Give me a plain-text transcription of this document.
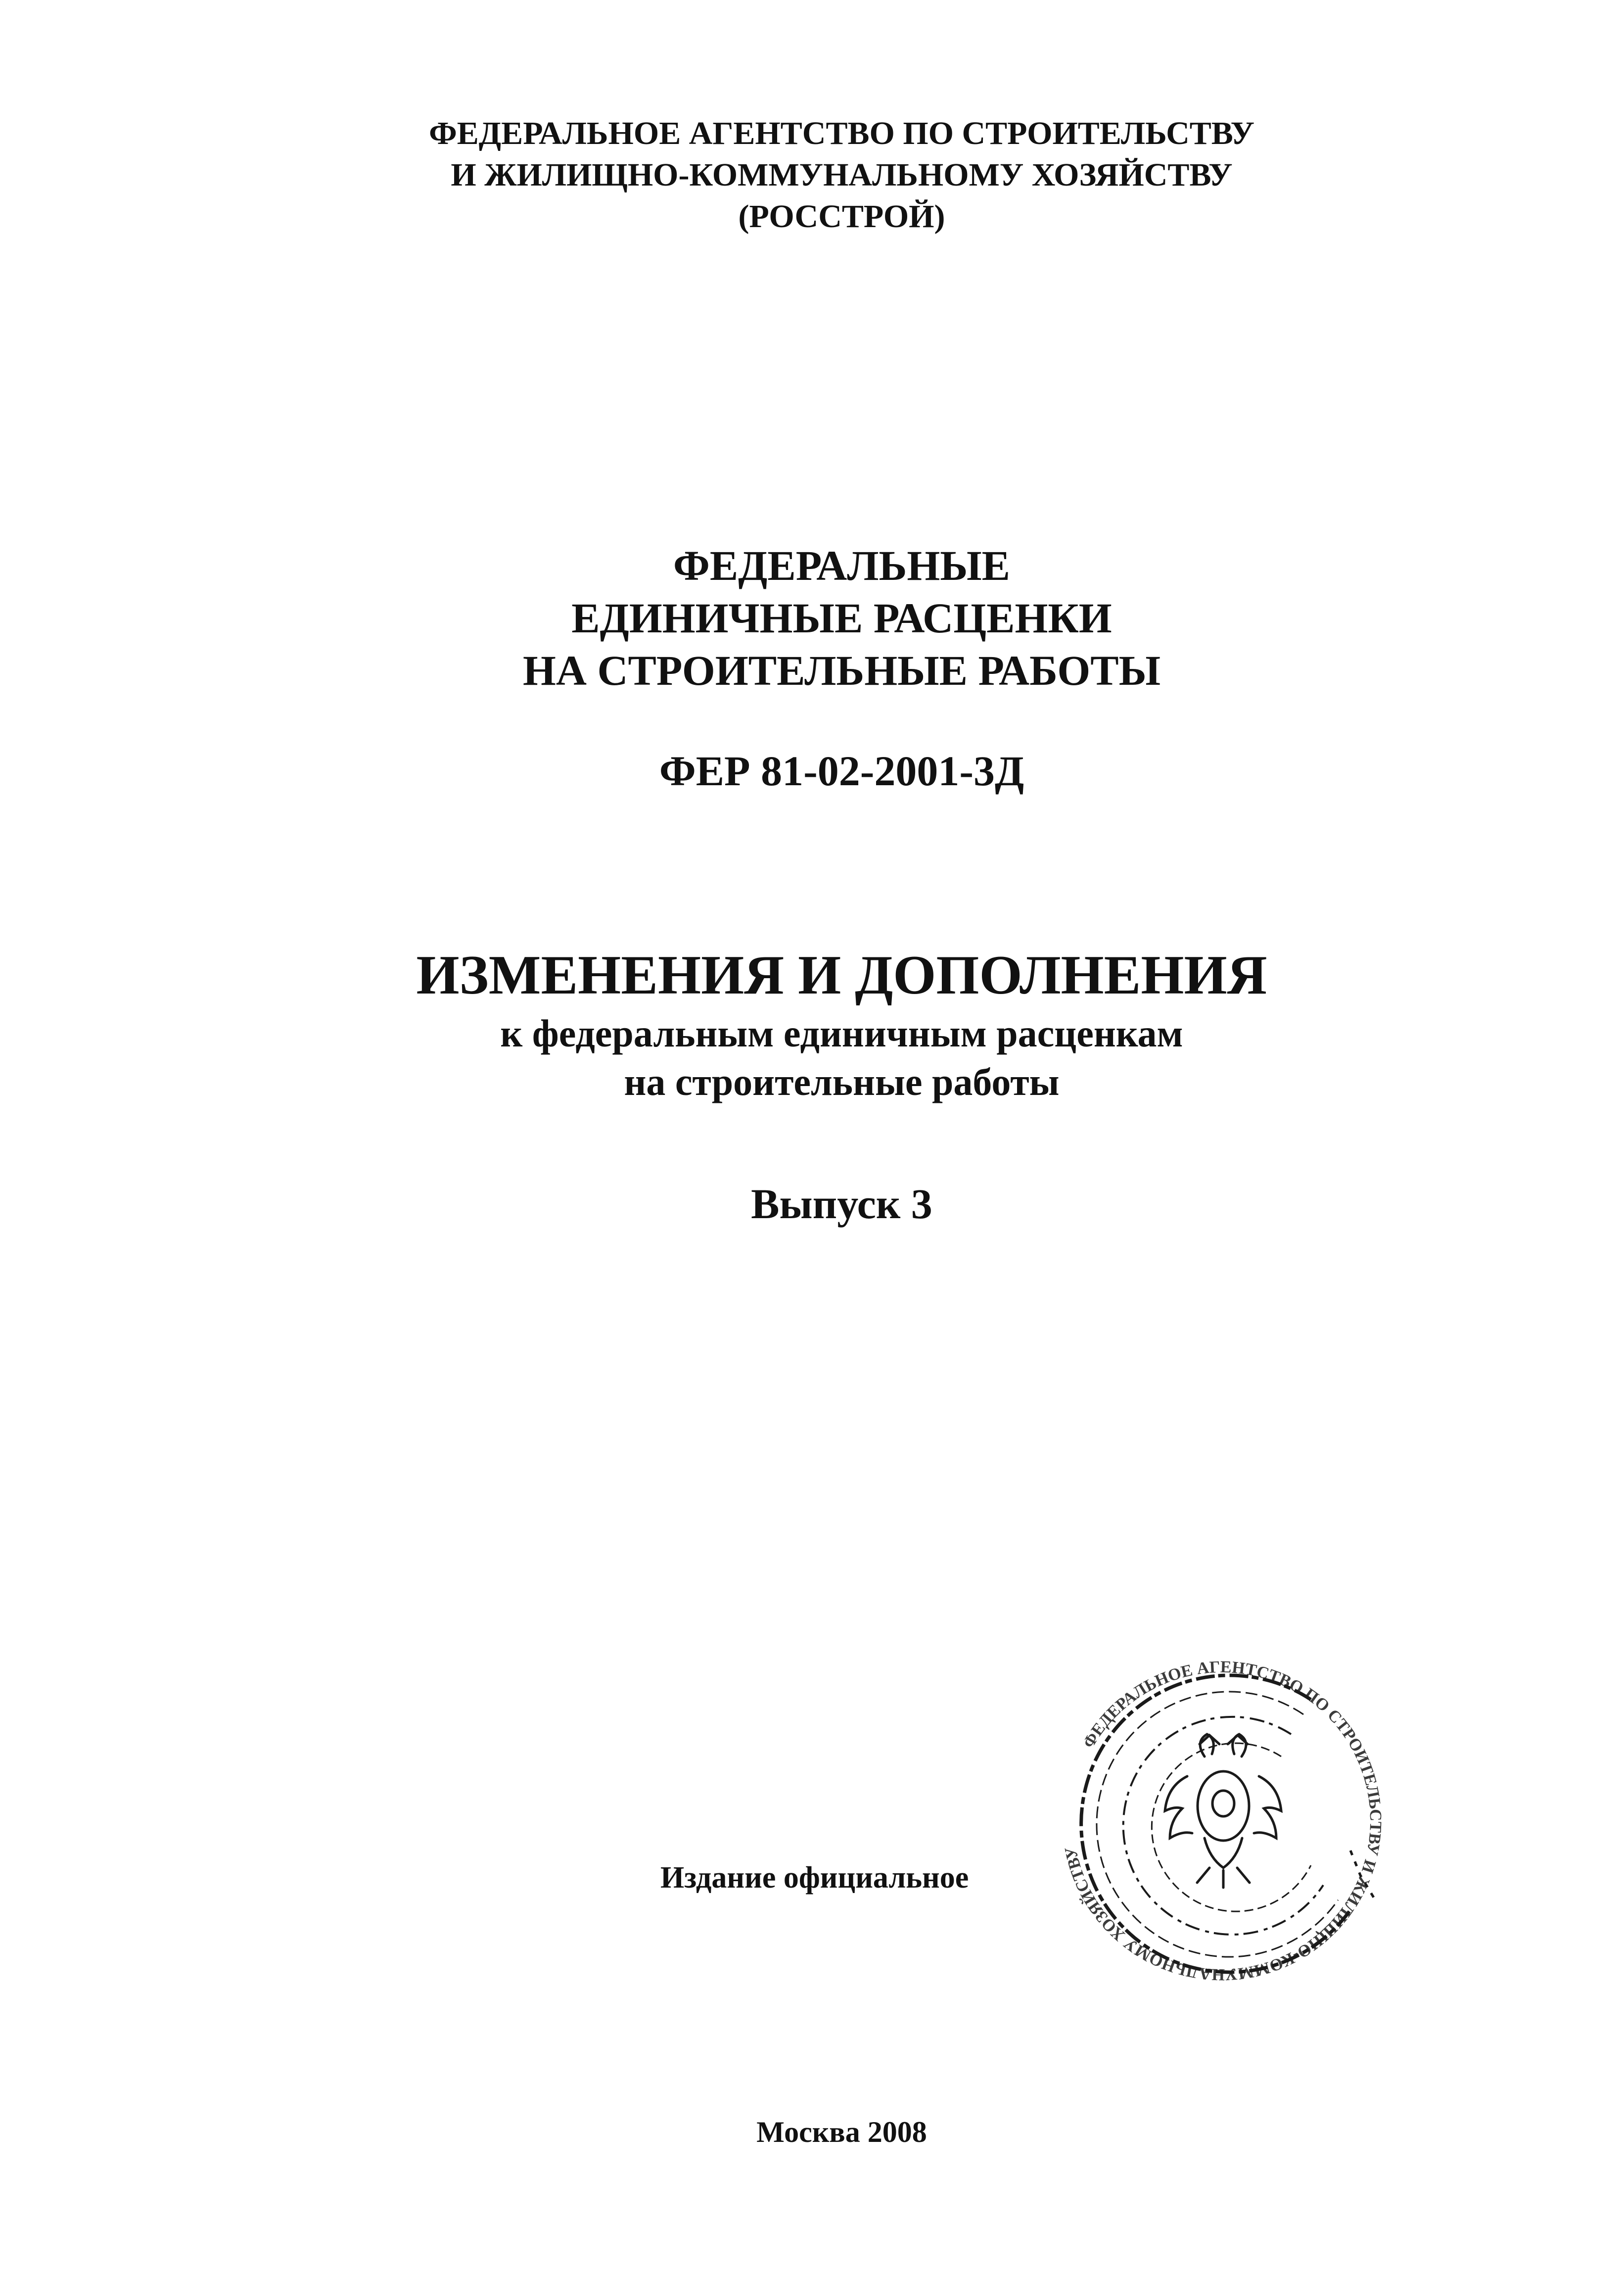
ФЕДЕРАЛЬНОЕ АГЕНТСТВО ПО СТРОИТЕЛЬСТВУ
И ЖИЛИЩНО-КОММУНАЛЬНОМУ ХОЗЯЙСТВУ
(РОССТРОЙ)
ФЕДЕРАЛЬНЫЕ
ЕДИНИЧНЫЕ РАСЦЕНКИ
НА СТРОИТЕЛЬНЫЕ РАБОТЫ
ФЕР 81-02-2001-3Д
ИЗМЕНЕНИЯ И ДОПОЛНЕНИЯ
к федеральным единичным расценкам
на строительные работы
Выпуск 3
Издание официальное
ФЕДЕРАЛЬНОЕ АГЕНТСТВО ПО СТРОИТЕЛЬСТВУ И ЖИЛИЩНО-КОММУНАЛЬНОМУ ХОЗЯЙСТВУ
Москва 2008
